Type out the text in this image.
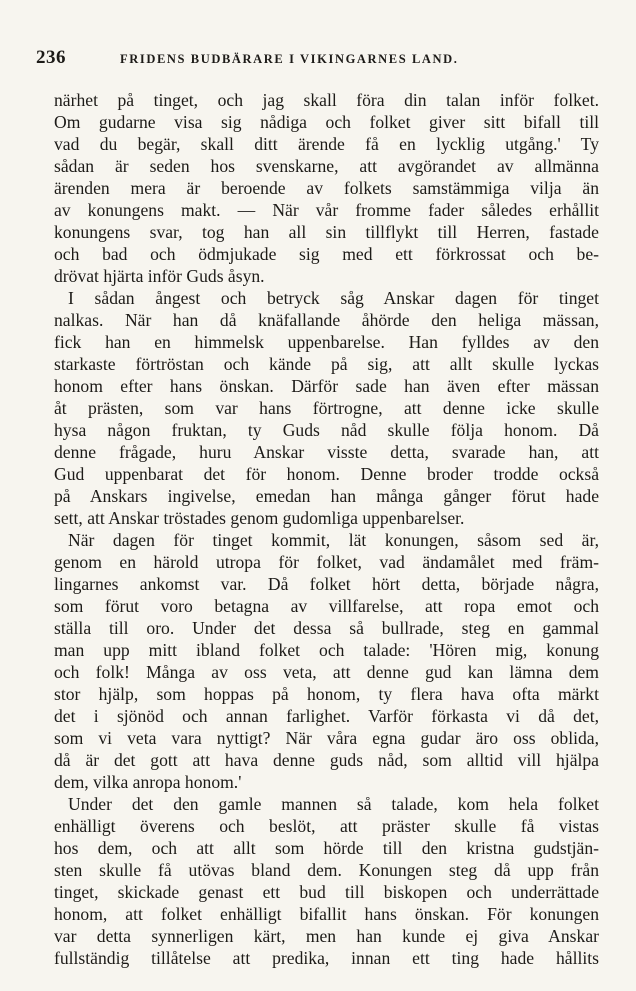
236	FRIDENS BUDBÄRARE I VIKINGARNES LAND.
närhet på tinget, och jag skall föra din talan inför folket.
Om gudarne visa sig nådiga och folket giver sitt bifall till
vad du begär, skall ditt ärende få en lycklig utgång.' Ty
sådan är seden hos svenskarne, att avgörandet av allmänna
ärenden mera är beroende av folkets samstämmiga vilja än
av konungens makt. — När vår fromme fader således erhållit
konungens svar, tog han all sin tillflykt till Herren, fastade
och bad och ödmjukade sig med ett förkrossat och be-
drövat hjärta inför Guds åsyn.
I sådan ångest och betryck såg Anskar dagen för tinget
nalkas. När han då knäfallande åhörde den heliga mässan,
fick han en himmelsk uppenbarelse. Han fylldes av den
starkaste förtröstan och kände på sig, att allt skulle lyckas
honom efter hans önskan. Därför sade han även efter mässan
åt prästen, som var hans förtrogne, att denne icke skulle
hysa någon fruktan, ty Guds nåd skulle följa honom. Då
denne frågade, huru Anskar visste detta, svarade han, att
Gud uppenbarat det för honom. Denne broder trodde också
på Anskars ingivelse, emedan han många gånger förut hade
sett, att Anskar tröstades genom gudomliga uppenbarelser.
När dagen för tinget kommit, lät konungen, såsom sed är,
genom en härold utropa för folket, vad ändamålet med främ-
lingarnes ankomst var. Då folket hört detta, började några,
som förut voro betagna av villfarelse, att ropa emot och
ställa till oro. Under det dessa så bullrade, steg en gammal
man upp mitt ibland folket och talade: 'Hören mig, konung
och folk! Många av oss veta, att denne gud kan lämna dem
stor hjälp, som hoppas på honom, ty flera hava ofta märkt
det i sjönöd och annan farlighet. Varför förkasta vi då det,
som vi veta vara nyttigt? När våra egna gudar äro oss oblida,
då är det gott att hava denne guds nåd, som alltid vill hjälpa
dem, vilka anropa honom.'
Under det den gamle mannen så talade, kom hela folket
enhälligt överens och beslöt, att präster skulle få vistas
hos dem, och att allt som hörde till den kristna gudstjän-
sten skulle få utövas bland dem. Konungen steg då upp från
tinget, skickade genast ett bud till biskopen och underrättade
honom, att folket enhälligt bifallit hans önskan. För konungen
var detta synnerligen kärt, men han kunde ej giva Anskar
fullständig tillåtelse att predika, innan ett ting hade hållits
